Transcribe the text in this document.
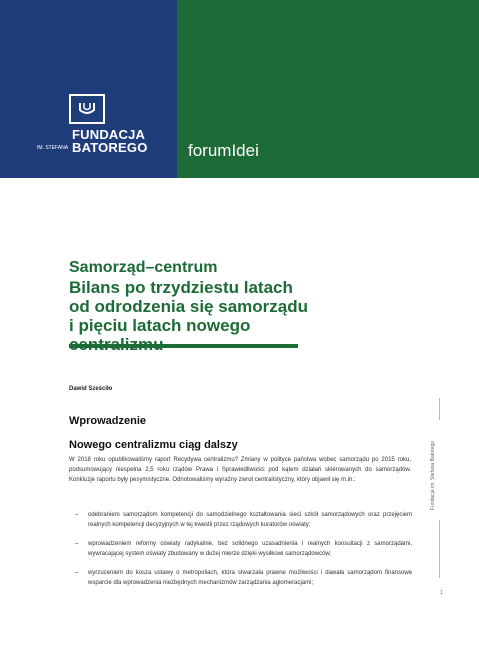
FUNDACJA
IM. STEFANA BATOREGO forumIdei
Samorząd–centrum
Bilans po trzydziestu latach od odrodzenia się samorządu i pięciu latach nowego
Dawid Sześciło
Wprowadzenie
Nowego centralizmu ciąg dalszy
W 2018 roku opublikowaliśmy raport Recydywa centralizmu? Zmiany w polityce państwa wobec samorządu po 2015 roku, podsumowujący niespełna 2,5 roku rządów Prawa i Sprawiedliwości pod kątem działań skierowanych do samorządów. Konkluzje raportu były pesymistyczne. Odnotowaliśmy wyraźny zwrot centralistyczny, który objawił się m.in.:
– odebraniem samorządom kompetencji do samodzielnego kształtowania sieci szkół samorządowych oraz przejęciem realnych kompetencji decyzyjnych w tej kwestii przez rządowych kuratorów oświaty;
– wprowadzeniem reformy oświaty radykalnie, bez solidnego uzasadnienia i realnych konsultacji z samorządami, wywracającej system oświaty zbudowany w dużej mierze dzięki wysiłkowi samorządowców;
– wyrzuceniem do kosza ustawy o metropoliach, która stwarzała prawne możliwości i dawała samorządom finansowe wsparcie dla wprowadzenia niezbędnych mechanizmów zarządzania aglomeracjami;
Fundacja im. Stefana Batorego
1
